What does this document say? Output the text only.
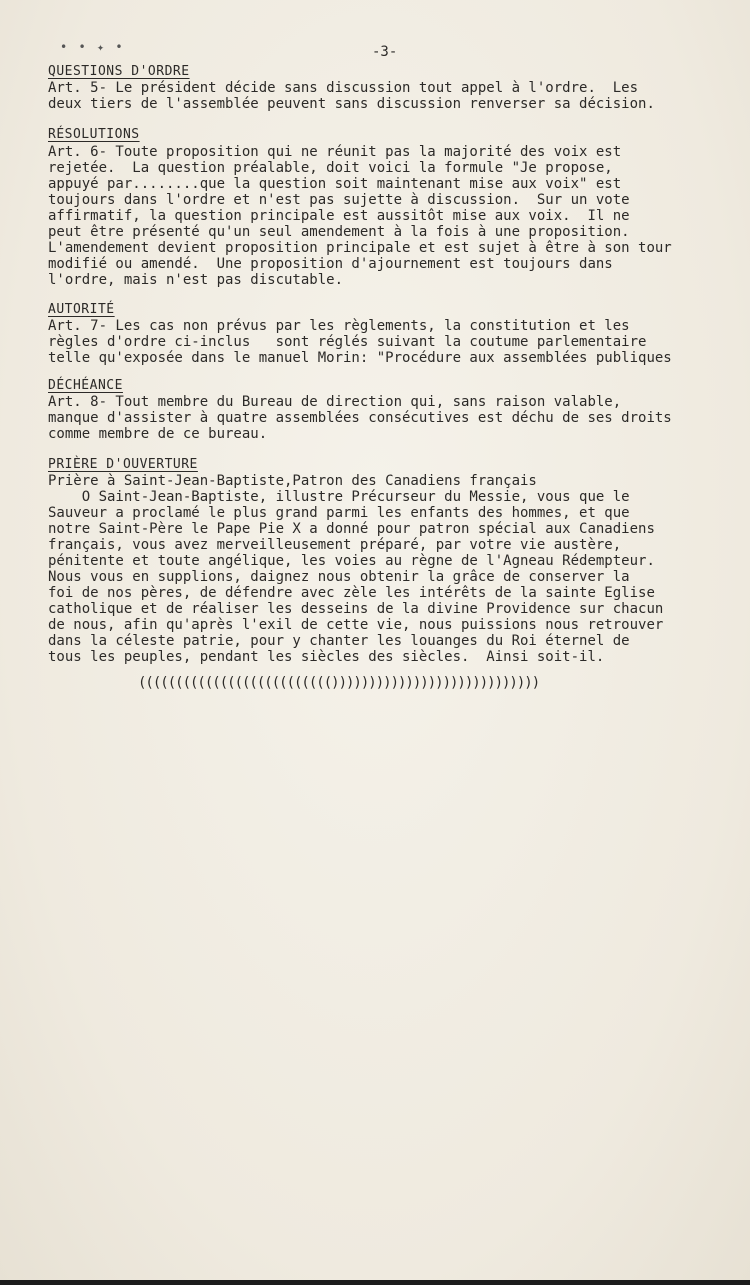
• • ✦ •	-3-
QUESTIONS D'ORDRE
Art. 5- Le président décide sans discussion tout appel à l'ordre.  Les
deux tiers de l'assemblée peuvent sans discussion renverser sa décision.
RÉSOLUTIONS
Art. 6- Toute proposition qui ne réunit pas la majorité des voix est
rejetée.  La question préalable, doit voici la formule "Je propose,
appuyé par........que la question soit maintenant mise aux voix" est
toujours dans l'ordre et n'est pas sujette à discussion.  Sur un vote
affirmatif, la question principale est aussitôt mise aux voix.  Il ne
peut être présenté qu'un seul amendement à la fois à une proposition.
L'amendement devient proposition principale et est sujet à être à son tour
modifié ou amendé.  Une proposition d'ajournement est toujours dans
l'ordre, mais n'est pas discutable.
AUTORITÉ
Art. 7- Les cas non prévus par les règlements, la constitution et les
règles d'ordre ci-inclus   sont réglés suivant la coutume parlementaire
telle qu'exposée dans le manuel Morin: "Procédure aux assemblées publiques
DÉCHÉANCE
Art. 8- Tout membre du Bureau de direction qui, sans raison valable,
manque d'assister à quatre assemblées consécutives est déchu de ses droits
comme membre de ce bureau.
PRIÈRE D'OUVERTURE
Prière à Saint-Jean-Baptiste,Patron des Canadiens français
O Saint-Jean-Baptiste, illustre Précurseur du Messie, vous que le
Sauveur a proclamé le plus grand parmi les enfants des hommes, et que
notre Saint-Père le Pape Pie X a donné pour patron spécial aux Canadiens
français, vous avez merveilleusement préparé, par votre vie austère,
pénitente et toute angélique, les voies au règne de l'Agneau Rédempteur.
Nous vous en supplions, daignez nous obtenir la grâce de conserver la
foi de nos pères, de défendre avec zèle les intérêts de la sainte Eglise
catholique et de réaliser les desseins de la divine Providence sur chacun
de nous, afin qu'après l'exil de cette vie, nous puissions nous retrouver
dans la céleste patrie, pour y chanter les louanges du Roi éternel de
tous les peuples, pendant les siècles des siècles.  Ainsi soit-il.
(((((((((((((((((((((((((())))))))))))))))))))))))))))
